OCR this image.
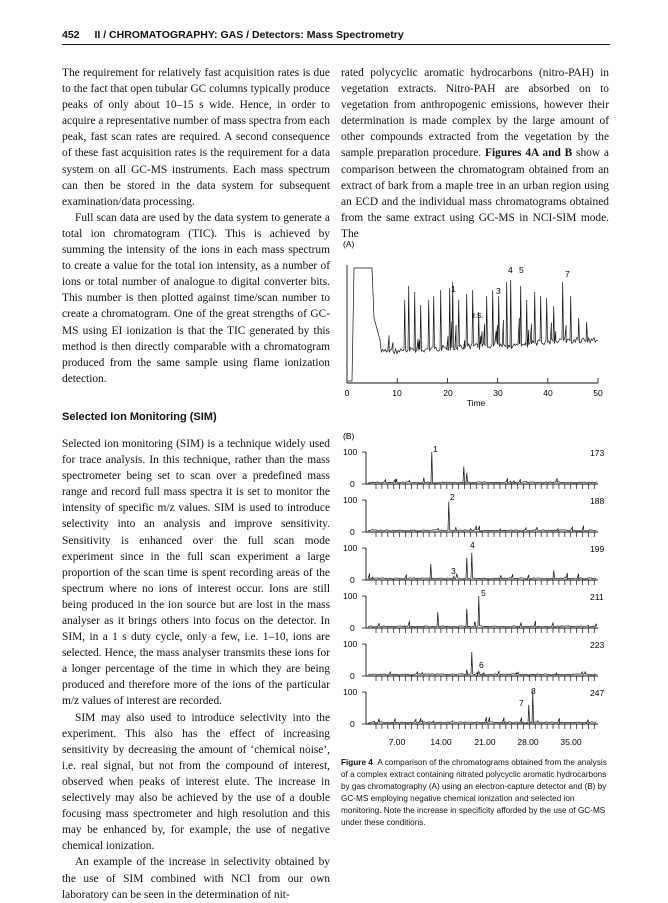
452 II / CHROMATOGRAPHY: GAS / Detectors: Mass Spectrometry

The requirement for relatively fast acquisition rates is due to the fact that open tubular GC columns typically produce peaks of only about 10–15 s wide. Hence, in order to acquire a representative number of mass spectra from each peak, fast scan rates are required. A second consequence of these fast acquisition rates is the requirement for a data system on all GC-MS instruments. Each mass spectrum can then be stored in the data system for subsequent examination/data processing.

Full scan data are used by the data system to generate a total ion chromatogram (TIC). This is achieved by summing the intensity of the ions in each mass spectrum to create a value for the total ion intensity, as a number of ions or total number of analogue to digital converter bits. This number is then plotted against time/scan number to create a chromatogram. One of the great strengths of GC-MS using EI ionization is that the TIC generated by this method is then directly comparable with a chromatogram produced from the same sample using flame ionization detection.

Selected Ion Monitoring (SIM)

Selected ion monitoring (SIM) is a technique widely used for trace analysis. In this technique, rather than the mass spectrometer being set to scan over a predefined mass range and record full mass spectra it is set to monitor the intensity of specific m/z values. SIM is used to introduce selectivity into an analysis and improve sensitivity. Sensitivity is enhanced over the full scan mode experiment since in the full scan experiment a large proportion of the scan time is spent recording areas of the spectrum where no ions of interest occur. Ions are still being produced in the ion source but are lost in the mass analyser as it brings others into focus on the detector. In SIM, in a 1 s duty cycle, only a few, i.e. 1–10, ions are selected. Hence, the mass analyser transmits these ions for a longer percentage of the time in which they are being produced and therefore more of the ions of the particular m/z values of interest are recorded.

SIM may also used to introduce selectivity into the experiment. This also has the effect of increasing sensitivity by decreasing the amount of ‘chemical noise’, i.e. real signal, but not from the compound of interest, observed when peaks of interest elute. The increase in selectively may also be achieved by the use of a double focusing mass spectrometer and high resolution and this may be enhanced by, for example, the use of negative chemical ionization.

An example of the increase in selectivity obtained by the use of SIM combined with NCI from our own laboratory can be seen in the determination of nit-

rated polycyclic aromatic hydrocarbons (nitro-PAH) in vegetation extracts. Nitro-PAH are absorbed on to vegetation from anthropogenic emissions, however their determination is made complex by the large amount of other compounds extracted from the vegetation by the sample preparation procedure. Figures 4A and B show a comparison between the chromatogram obtained from an extract of bark from a maple tree in an urban region using an ECD and the individual mass chromatograms obtained from the same extract using GC-MS in NCI-SIM mode. The

(A)
0	10	20	30	40	50
Time
1	3
4 5	7
I.S.
(B)
100
0
173
1
100
0
188
2
100
0
199
4
3
100
0
211
5
100
0
223
6
100
0
247
8
7
7.00	14.00	21.00	28.00	35.00
Figure 4 A comparison of the chromatograms obtained from the analysis of a complex extract containing nitrated polycyclic aromatic hydrocarbons by gas chromatography (A) using an electron-capture detector and (B) by GC-MS employing negative chemical ionization and selected ion monitoring. Note the increase in specificity afforded by the use of GC-MS under these conditions.
